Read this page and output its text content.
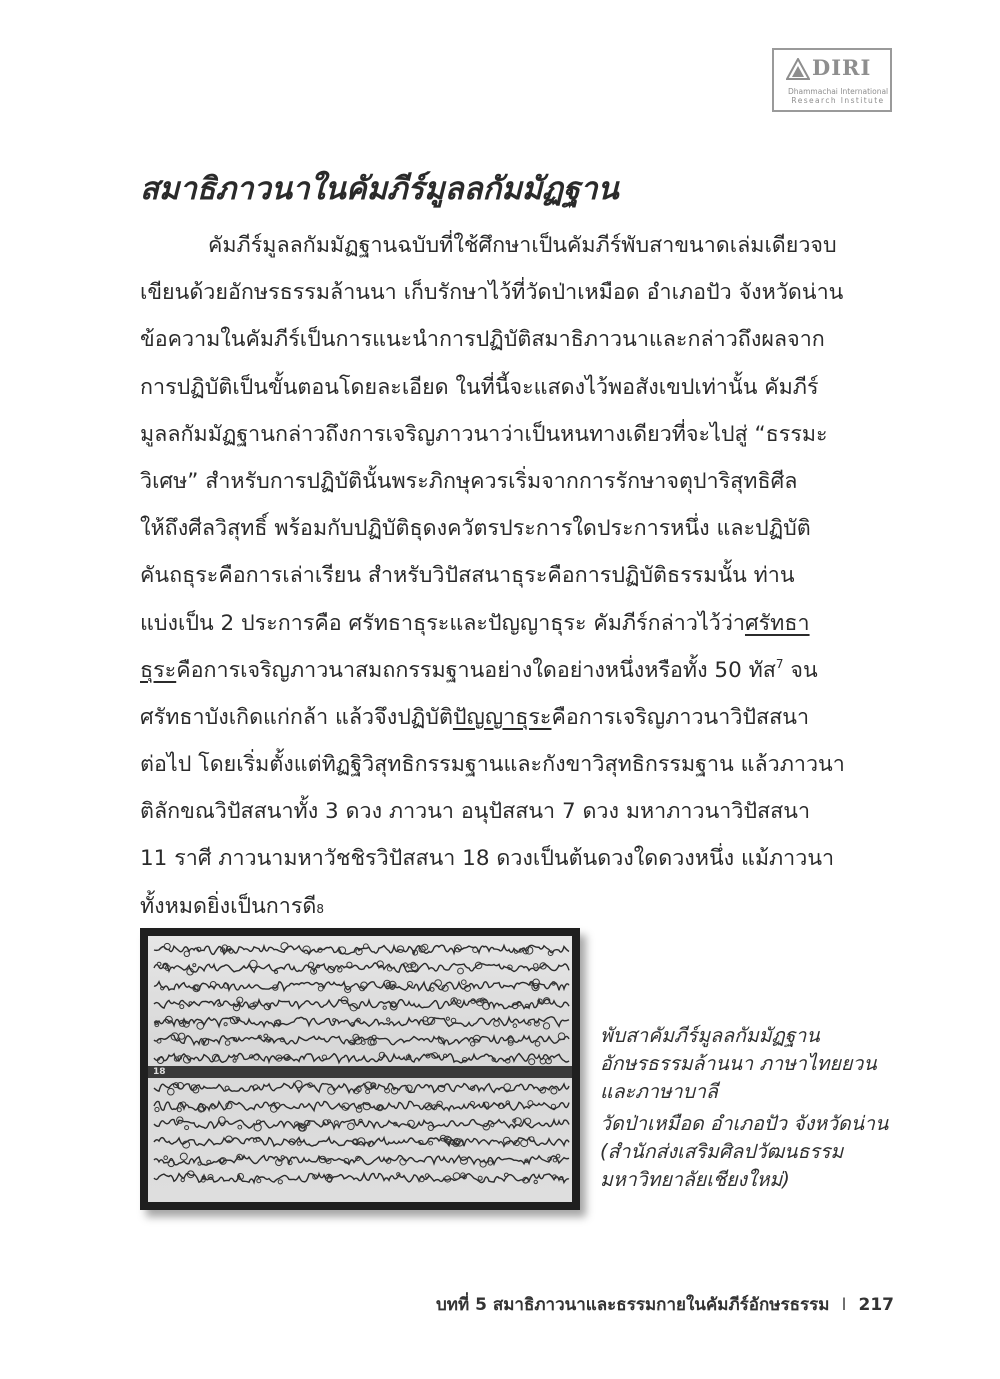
DIRI
Dhammachai International
Research Institute
สมาธิภาวนาในคัมภีร์มูลลกัมมัฏฐาน
คัมภีร์มูลลกัมมัฏฐานฉบับที่ใช้ศึกษาเป็นคัมภีร์พับสาขนาดเล่มเดียวจบ
เขียนด้วยอักษรธรรมล้านนา เก็บรักษาไว้ที่วัดป่าเหมือด อำเภอปัว จังหวัดน่าน
ข้อความในคัมภีร์เป็นการแนะนำการปฏิบัติสมาธิภาวนาและกล่าวถึงผลจาก
การปฏิบัติเป็นขั้นตอนโดยละเอียด ในที่นี้จะแสดงไว้พอสังเขปเท่านั้น คัมภีร์
มูลลกัมมัฏฐานกล่าวถึงการเจริญภาวนาว่าเป็นหนทางเดียวที่จะไปสู่ “ธรรมะ
วิเศษ” สำหรับการปฏิบัตินั้นพระภิกษุควรเริ่มจากการรักษาจตุปาริสุทธิศีล
ให้ถึงศีลวิสุทธิ์ พร้อมกับปฏิบัติธุดงควัตรประการใดประการหนึ่ง และปฏิบัติ
คันถธุระคือการเล่าเรียน สำหรับวิปัสสนาธุระคือการปฏิบัติธรรมนั้น ท่าน
แบ่งเป็น 2 ประการคือ ศรัทธาธุระและปัญญาธุระ คัมภีร์กล่าวไว้ว่าศรัทธา
ธุระคือการเจริญภาวนาสมถกรรมฐานอย่างใดอย่างหนึ่งหรือทั้ง 50 ทัส$^7$ จน
ศรัทธาบังเกิดแก่กล้า แล้วจึงปฏิบัติปัญญาธุระคือการเจริญภาวนาวิปัสสนา
ต่อไป โดยเริ่มตั้งแต่ทิฏฐิวิสุทธิกรรมฐานและกังขาวิสุทธิกรรมฐาน แล้วภาวนา
ติลักขณวิปัสสนาทั้ง 3 ดวง ภาวนา อนุปัสสนา 7 ดวง มหาภาวนาวิปัสสนา
11 ราศี ภาวนามหาวัชชิรวิปัสสนา 18 ดวงเป็นต้นดวงใดดวงหนึ่ง แม้ภาวนา
ทั้งหมดยิ่งเป็นการดี 8
18
พับสาคัมภีร์มูลลกัมมัฏฐาน
อักษรธรรมล้านนา ภาษาไทยยวน
และภาษาบาลี
วัดป่าเหมือด อำเภอปัว จังหวัดน่าน
(สำนักส่งเสริมศิลปวัฒนธรรม
มหาวิทยาลัยเชียงใหม่)
บทที่ 5 สมาธิภาวนาและธรรมกายในคัมภีร์อักษรธรรม I 217
